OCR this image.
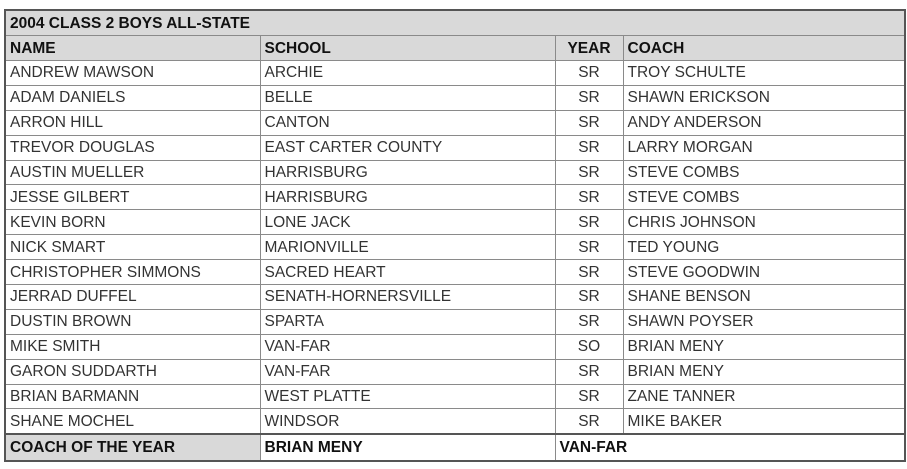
2004 CLASS 2 BOYS ALL-STATE			
NAME	SCHOOL	YEAR	COACH
ANDREW MAWSON	ARCHIE	SR	TROY SCHULTE
ADAM DANIELS	BELLE	SR	SHAWN ERICKSON
ARRON HILL	CANTON	SR	ANDY ANDERSON
TREVOR DOUGLAS	EAST CARTER COUNTY	SR	LARRY MORGAN
AUSTIN MUELLER	HARRISBURG	SR	STEVE COMBS
JESSE GILBERT	HARRISBURG	SR	STEVE COMBS
KEVIN BORN	LONE JACK	SR	CHRIS JOHNSON
NICK SMART	MARIONVILLE	SR	TED YOUNG
CHRISTOPHER SIMMONS	SACRED HEART	SR	STEVE GOODWIN
JERRAD DUFFEL	SENATH-HORNERSVILLE	SR	SHANE BENSON
DUSTIN BROWN	SPARTA	SR	SHAWN POYSER
MIKE SMITH	VAN-FAR	SO	BRIAN MENY
GARON SUDDARTH	VAN-FAR	SR	BRIAN MENY
BRIAN BARMANN	WEST PLATTE	SR	ZANE TANNER
SHANE MOCHEL	WINDSOR	SR	MIKE BAKER
COACH OF THE YEAR	BRIAN MENY	VAN-FAR	
